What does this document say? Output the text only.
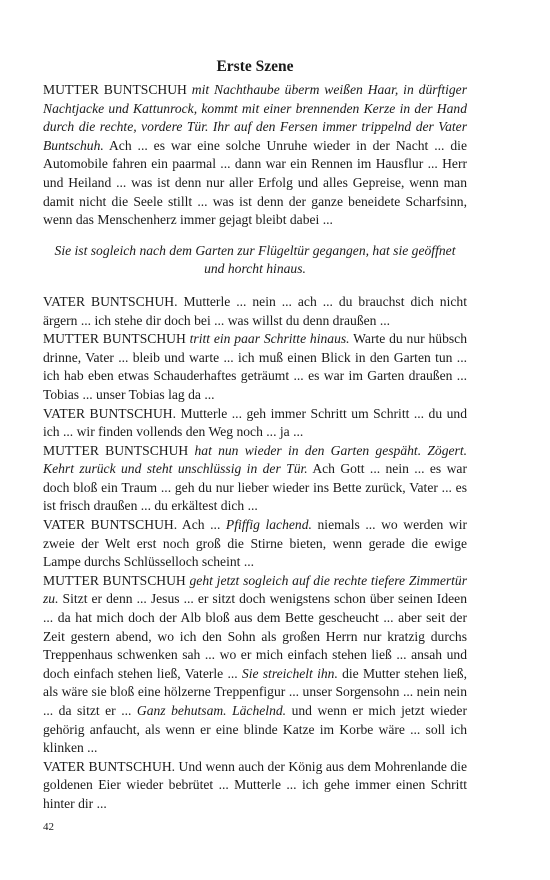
Erste Szene

MUTTER BUNTSCHUH mit Nachthaube überm weißen Haar, in dürftiger Nachtjacke und Kattunrock, kommt mit einer brennenden Kerze in der Hand durch die rechte, vordere Tür. Ihr auf den Fersen immer trippelnd der Vater Buntschuh. Ach ... es war eine solche Unruhe wieder in der Nacht ... die Automobile fahren ein paarmal ... dann war ein Rennen im Hausflur ... Herr und Heiland ... was ist denn nur aller Erfolg und alles Gepreise, wenn man damit nicht die Seele stillt ... was ist denn der ganze beneidete Scharfsinn, wenn das Menschenherz immer gejagt bleibt dabei ...

Sie ist sogleich nach dem Garten zur Flügeltür gegangen, hat sie geöffnet und horcht hinaus.

VATER BUNTSCHUH. Mutterle ... nein ... ach ... du brauchst dich nicht ärgern ... ich stehe dir doch bei ... was willst du denn draußen ...

MUTTER BUNTSCHUH tritt ein paar Schritte hinaus. Warte du nur hübsch drinne, Vater ... bleib und warte ... ich muß einen Blick in den Garten tun ... ich hab eben etwas Schauderhaftes geträumt ... es war im Garten draußen ... Tobias ... unser Tobias lag da ...

VATER BUNTSCHUH. Mutterle ... geh immer Schritt um Schritt ... du und ich ... wir finden vollends den Weg noch ... ja ...

MUTTER BUNTSCHUH hat nun wieder in den Garten gespäht. Zögert. Kehrt zurück und steht unschlüssig in der Tür. Ach Gott ... nein ... es war doch bloß ein Traum ... geh du nur lieber wieder ins Bette zurück, Vater ... es ist frisch draußen ... du erkältest dich ...

VATER BUNTSCHUH. Ach ... Pfiffig lachend. niemals ... wo werden wir zweie der Welt erst noch groß die Stirne bieten, wenn gerade die ewige Lampe durchs Schlüsselloch scheint ...

MUTTER BUNTSCHUH geht jetzt sogleich auf die rechte tiefere Zimmertür zu. Sitzt er denn ... Jesus ... er sitzt doch wenigstens schon über seinen Ideen ... da hat mich doch der Alb bloß aus dem Bette gescheucht ... aber seit der Zeit gestern abend, wo ich den Sohn als großen Herrn nur kratzig durchs Treppenhaus schwenken sah ... wo er mich einfach stehen ließ ... ansah und doch einfach stehen ließ, Vaterle ... Sie streichelt ihn. die Mutter stehen ließ, als wäre sie bloß eine hölzerne Treppenfigur ... unser Sorgensohn ... nein nein ... da sitzt er ... Ganz behutsam. Lächelnd. und wenn er mich jetzt wieder gehörig anfaucht, als wenn er eine blinde Katze im Korbe wäre ... soll ich klinken ...

VATER BUNTSCHUH. Und wenn auch der König aus dem Mohrenlande die goldenen Eier wieder bebrütet ... Mutterle ... ich gehe immer einen Schritt hinter dir ...

42
